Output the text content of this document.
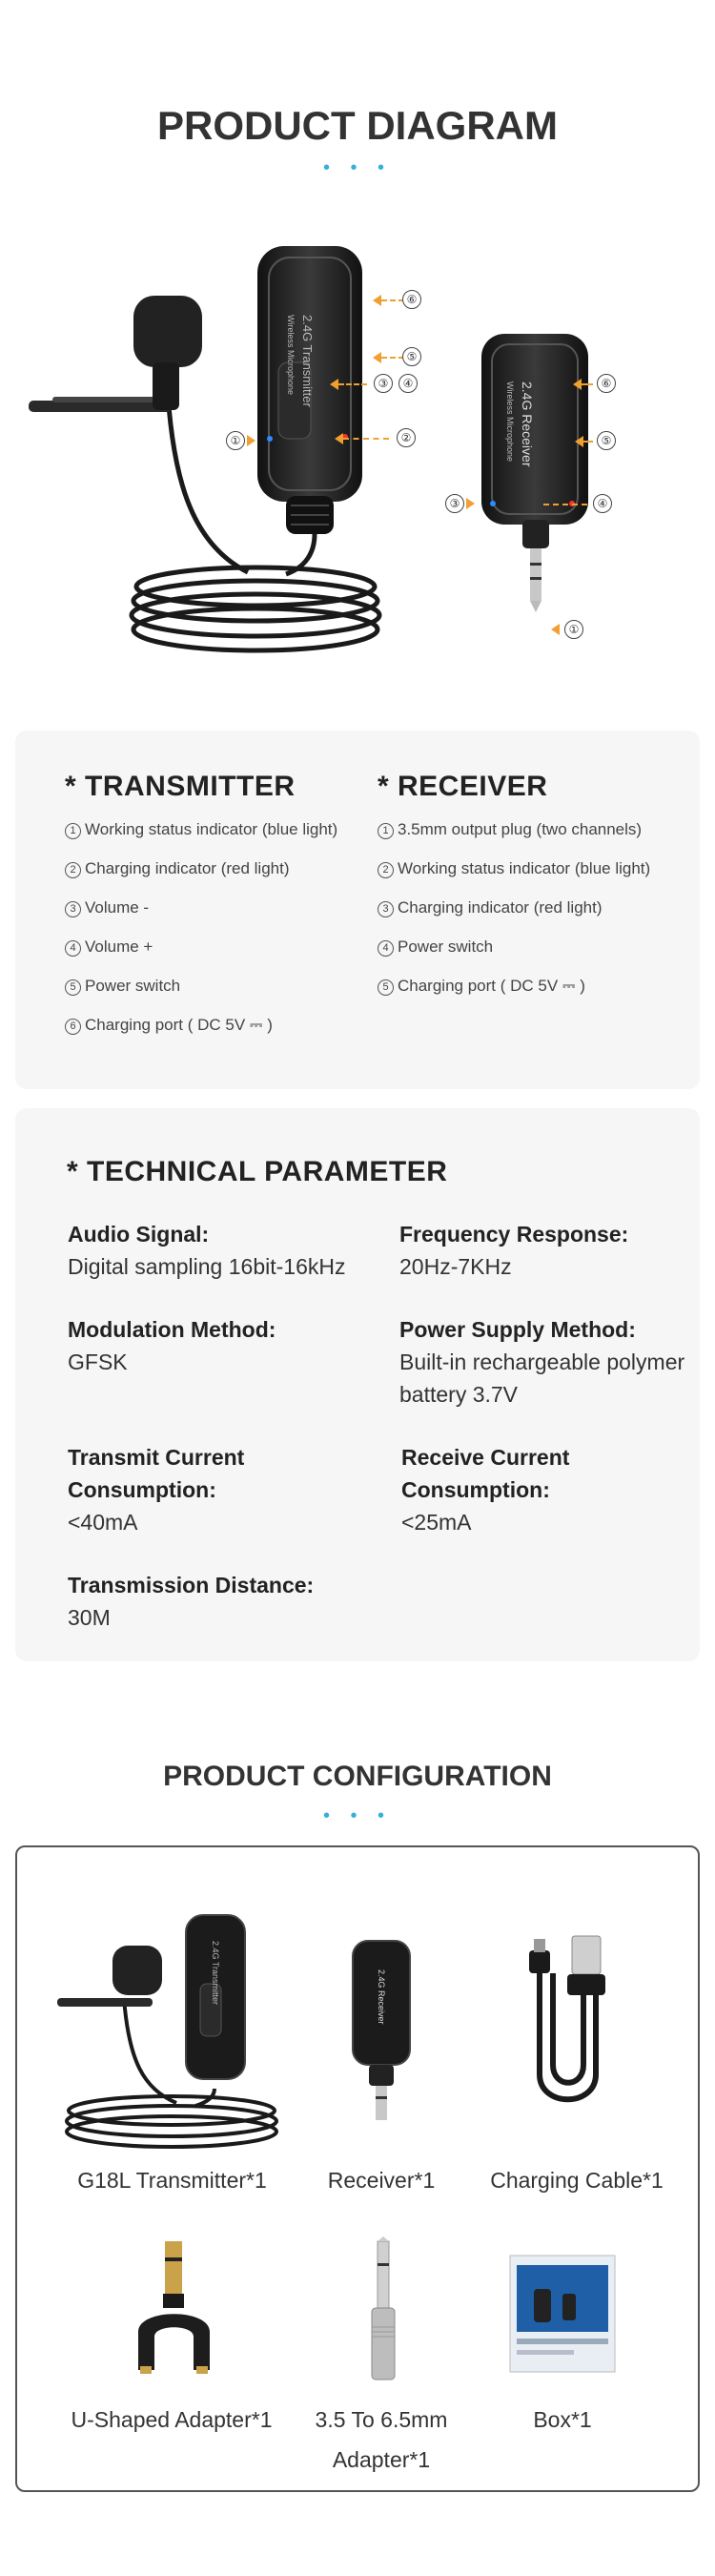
PRODUCT DIAGRAM
• • •
2.4G Transmitter
Wireless Microphone
2.4G Receiver
Wireless Microphone
⑥
⑤
③	④
②
①
⑥
⑤
④
③
①
* TRANSMITTER	* RECEIVER
1 Working status indicator (blue light)
2 Charging indicator (red light)
3 Volume -
4 Volume +
5 Power switch
6 Charging port ( DC 5V ⎓ )
1 3.5mm output plug (two channels)
2 Working status indicator (blue light)
3 Charging indicator (red light)
4 Power switch
5 Charging port ( DC 5V ⎓ )
* TECHNICAL PARAMETER
Audio Signal:
Digital sampling 16bit-16kHz
Frequency Response:
20Hz-7KHz
Modulation Method:
GFSK
Power Supply Method:
Built-in rechargeable polymer battery 3.7V
Transmit Current Consumption:
<40mA
Receive Current Consumption:
<25mA
Transmission Distance:
30M
PRODUCT CONFIGURATION
• • •
2.4G Transmitter	2.4G Receiver
G18L Transmitter*1	Receiver*1	Charging Cable*1
U-Shaped Adapter*1	3.5 To 6.5mm Adapter*1
Box*1
